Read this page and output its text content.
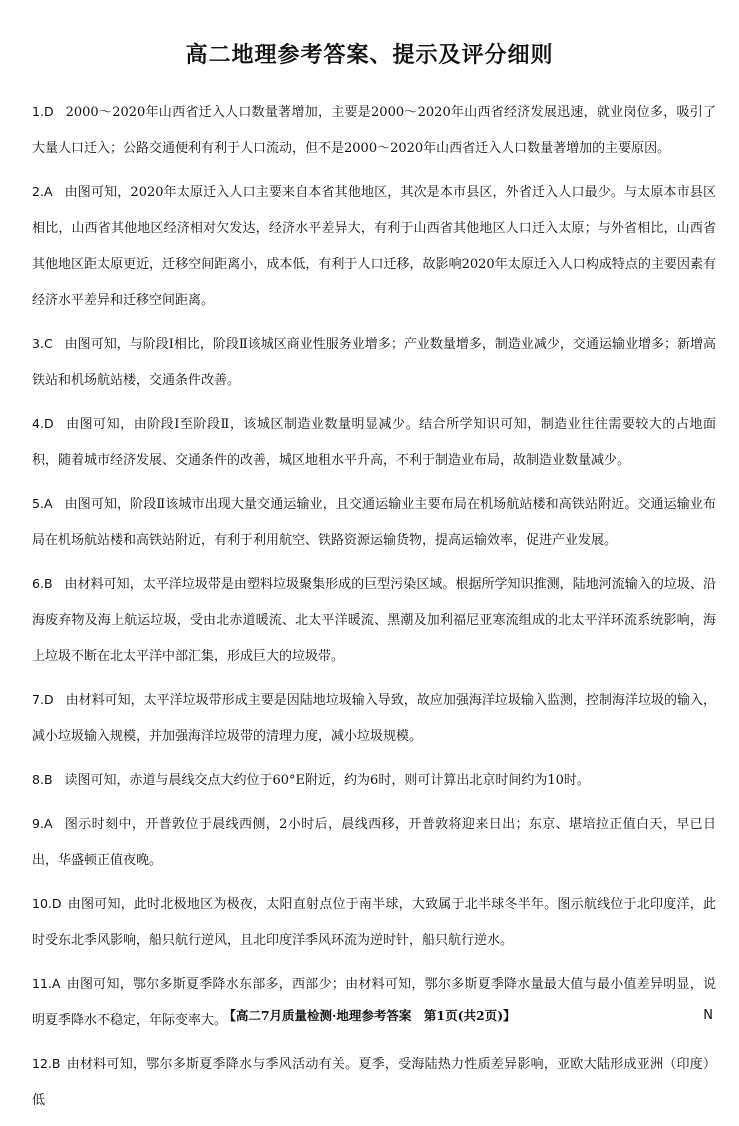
高二地理参考答案、提示及评分细则

1.D 2000～2020年山西省迁入人口数量著增加，主要是2000～2020年山西省经济发展迅速，就业岗位多，吸引了大量人口迁入；公路交通便利有利于人口流动，但不是2000～2020年山西省迁入人口数量著增加的主要原因。

2.A 由图可知，2020年太原迁入人口主要来自本省其他地区，其次是本市县区，外省迁入人口最少。与太原本市县区相比，山西省其他地区经济相对欠发达，经济水平差异大，有利于山西省其他地区人口迁入太原；与外省相比，山西省其他地区距太原更近，迁移空间距离小，成本低，有利于人口迁移，故影响2020年太原迁入人口构成特点的主要因素有经济水平差异和迁移空间距离。

3.C 由图可知，与阶段Ⅰ相比，阶段Ⅱ该城区商业性服务业增多；产业数量增多，制造业减少，交通运输业增多；新增高铁站和机场航站楼，交通条件改善。

4.D 由图可知，由阶段Ⅰ至阶段Ⅱ，该城区制造业数量明显减少。结合所学知识可知，制造业往往需要较大的占地面积，随着城市经济发展、交通条件的改善，城区地租水平升高，不利于制造业布局，故制造业数量减少。

5.A 由图可知，阶段Ⅱ该城市出现大量交通运输业，且交通运输业主要布局在机场航站楼和高铁站附近。交通运输业布局在机场航站楼和高铁站附近，有利于利用航空、铁路资源运输货物，提高运输效率，促进产业发展。

6.B 由材料可知，太平洋垃圾带是由塑料垃圾聚集形成的巨型污染区域。根据所学知识推测，陆地河流输入的垃圾、沿海废弃物及海上航运垃圾，受由北赤道暖流、北太平洋暖流、黑潮及加利福尼亚寒流组成的北太平洋环流系统影响，海上垃圾不断在北太平洋中部汇集，形成巨大的垃圾带。

7.D 由材料可知，太平洋垃圾带形成主要是因陆地垃圾输入导致，故应加强海洋垃圾输入监测，控制海洋垃圾的输入，减小垃圾输入规模，并加强海洋垃圾带的清理力度，减小垃圾规模。

8.B 读图可知，赤道与晨线交点大约位于60°E附近，约为6时，则可计算出北京时间约为10时。

9.A 图示时刻中，开普敦位于晨线西侧，2小时后，晨线西移，开普敦将迎来日出；东京、堪培拉正值白天，早已日出，华盛顿正值夜晚。

10.D 由图可知，此时北极地区为极夜，太阳直射点位于南半球，大致属于北半球冬半年。图示航线位于北印度洋，此时受东北季风影响，船只航行逆风，且北印度洋季风环流为逆时针，船只航行逆水。

11.A 由图可知，鄂尔多斯夏季降水东部多，西部少；由材料可知，鄂尔多斯夏季降水量最大值与最小值差异明显，说明夏季降水不稳定，年际变率大。

12.B 由材料可知，鄂尔多斯夏季降水与季风活动有关。夏季，受海陆热力性质差异影响，亚欧大陆形成亚洲（印度）低

【高二7月质量检测·地理参考答案　第1页(共2页)】	N
